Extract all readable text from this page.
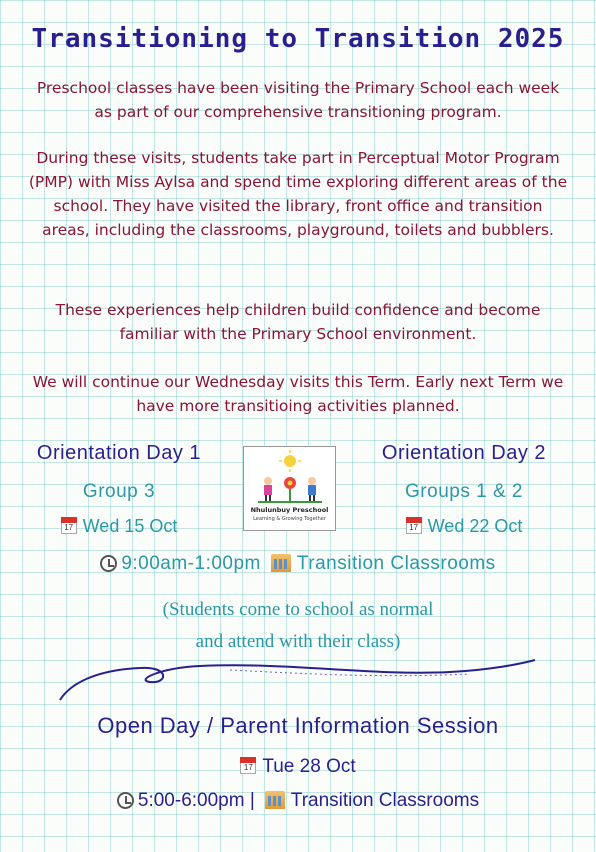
Transitioning to Transition 2025
Preschool classes have been visiting the Primary School each week as part of our comprehensive transitioning program.
During these visits, students take part in Perceptual Motor Program (PMP) with Miss Aylsa and spend time exploring different areas of the school. They have visited the library, front office and transition areas, including the classrooms, playground, toilets and bubblers.
These experiences help children build confidence and become familiar with the Primary School environment.
We will continue our Wednesday visits this Term. Early next Term we have more transitioing activities planned.
Orientation Day 1
Group 3
17Wed 15 Oct
Nhulunbuy Preschool
Learning & Growing Together
Orientation Day 2
Groups 1 & 2
17Wed 22 Oct
9:00am-1:00pm Transition Classrooms
(Students come to school as normal
and attend with their class)
Open Day / Parent Information Session
17Tue 28 Oct
5:00-6:00pm | Transition Classrooms
